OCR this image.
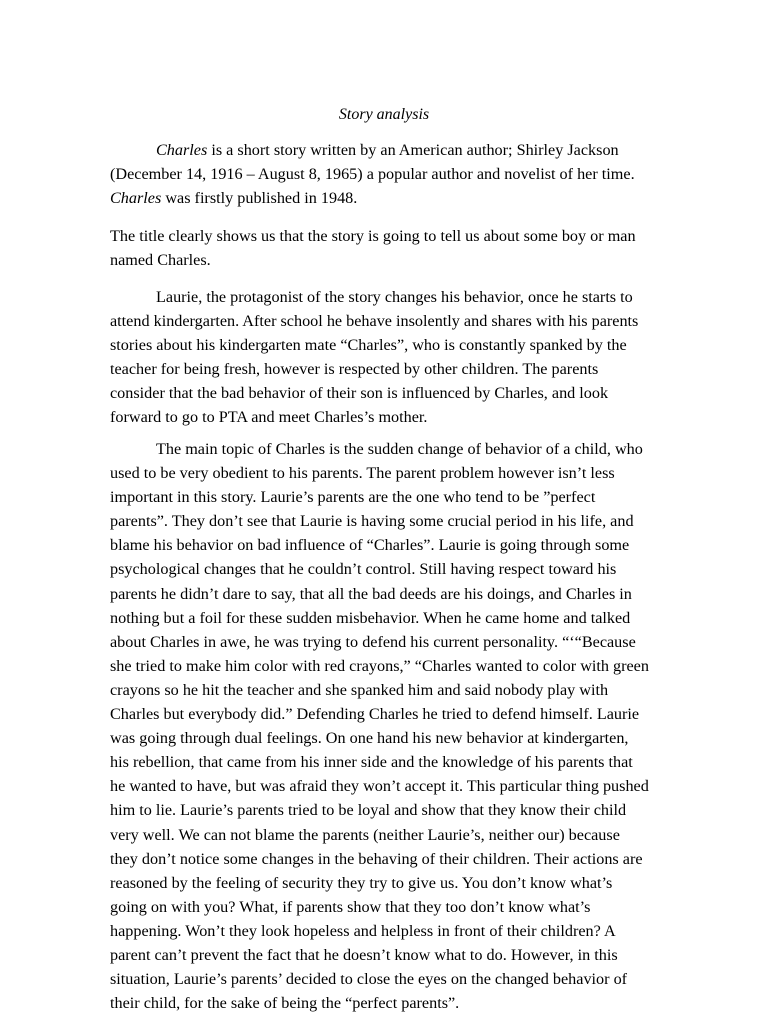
Story analysis
Charles is a short story written by an American author; Shirley Jackson
(December 14, 1916 – August 8, 1965) a popular author and novelist of her time.
Charles was firstly published in 1948.
The title clearly shows us that the story is going to tell us about some boy or man
named Charles.
Laurie, the protagonist of the story changes his behavior, once he starts to
attend kindergarten. After school he behave insolently and shares with his parents
stories about his kindergarten mate “Charles”, who is constantly spanked by the
teacher for being fresh, however is respected by other children. The parents
consider that the bad behavior of their son is influenced by Charles, and look
forward to go to PTA and meet Charles’s mother.
The main topic of Charles is the sudden change of behavior of a child, who
used to be very obedient to his parents. The parent problem however isn’t less
important in this story. Laurie’s parents are the one who tend to be ”perfect
parents”. They don’t see that Laurie is having some crucial period in his life, and
blame his behavior on bad influence of “Charles”. Laurie is going through some
psychological changes that he couldn’t control. Still having respect toward his
parents he didn’t dare to say, that all the bad deeds are his doings, and Charles in
nothing but a foil for these sudden misbehavior. When he came home and talked
about Charles in awe, he was trying to defend his current personality. “‘“Because
she tried to make him color with red crayons,” “Charles wanted to color with green
crayons so he hit the teacher and she spanked him and said nobody play with
Charles but everybody did.” Defending Charles he tried to defend himself. Laurie
was going through dual feelings. On one hand his new behavior at kindergarten,
his rebellion, that came from his inner side and the knowledge of his parents that
he wanted to have, but was afraid they won’t accept it. This particular thing pushed
him to lie. Laurie’s parents tried to be loyal and show that they know their child
very well. We can not blame the parents (neither Laurie’s, neither our) because
they don’t notice some changes in the behaving of their children. Their actions are
reasoned by the feeling of security they try to give us. You don’t know what’s
going on with you? What, if parents show that they too don’t know what’s
happening. Won’t they look hopeless and helpless in front of their children? A
parent can’t prevent the fact that he doesn’t know what to do. However, in this
situation, Laurie’s parents’ decided to close the eyes on the changed behavior of
their child, for the sake of being the “perfect parents”.
